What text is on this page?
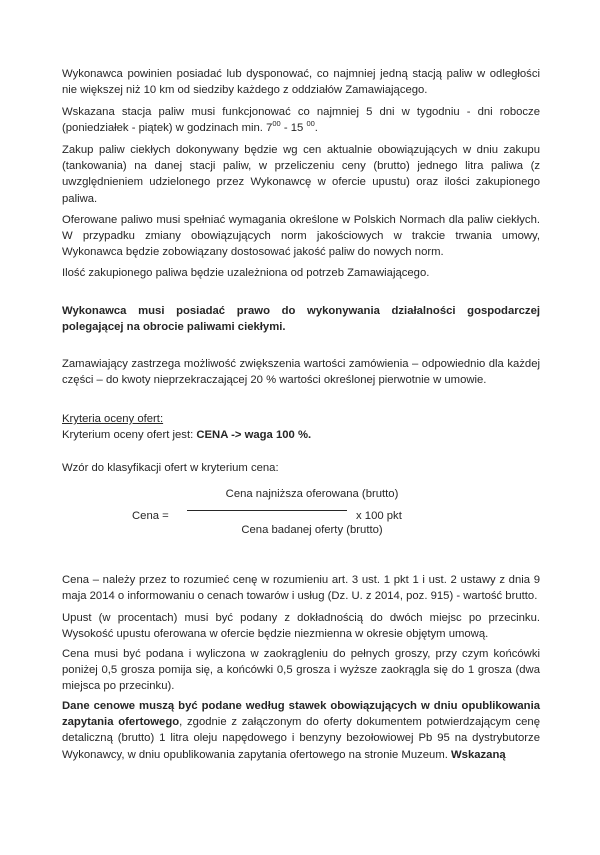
Wykonawca powinien posiadać lub dysponować, co najmniej jedną stacją paliw w odległości nie większej niż 10 km od siedziby każdego z oddziałów Zamawiającego.

Wskazana stacja paliw musi funkcjonować co najmniej 5 dni w tygodniu - dni robocze (poniedziałek - piątek) w godzinach min. $7^{00} - 15$ $^{00}$.

Zakup paliw ciekłych dokonywany będzie wg cen aktualnie obowiązujących w dniu zakupu (tankowania) na danej stacji paliw, w przeliczeniu ceny (brutto) jednego litra paliwa (z uwzględnieniem udzielonego przez Wykonawcę w ofercie upustu) oraz ilości zakupionego paliwa.

Oferowane paliwo musi spełniać wymagania określone w Polskich Normach dla paliw ciekłych. W przypadku zmiany obowiązujących norm jakościowych w trakcie trwania umowy, Wykonawca będzie zobowiązany dostosować jakość paliw do nowych norm.

Ilość zakupionego paliwa będzie uzależniona od potrzeb Zamawiającego.

Wykonawca musi posiadać prawo do wykonywania działalności gospodarczej polegającej na obrocie paliwami ciekłymi.

Zamawiający zastrzega możliwość zwiększenia wartości zamówienia – odpowiednio dla każdej części – do kwoty nieprzekraczającej 20 % wartości określonej pierwotnie w umowie.

Kryteria oceny ofert:

Kryterium oceny ofert jest: CENA -> waga 100 %.

Wzór do klasyfikacji ofert w kryterium cena:

Cena =
Cena najniższa oferowana (brutto)
x 100 pkt
Cena badanej oferty (brutto)

Cena – należy przez to rozumieć cenę w rozumieniu art. 3 ust. 1 pkt 1 i ust. 2 ustawy z dnia 9 maja 2014 o informowaniu o cenach towarów i usług (Dz. U. z 2014, poz. 915) - wartość brutto.

Upust (w procentach) musi być podany z dokładnością do dwóch miejsc po przecinku. Wysokość upustu oferowana w ofercie będzie niezmienna w okresie objętym umową.

Cena musi być podana i wyliczona w zaokrągleniu do pełnych groszy, przy czym końcówki poniżej 0,5 grosza pomija się, a końcówki 0,5 grosza i wyższe zaokrągla się do 1 grosza (dwa miejsca po przecinku).

Dane cenowe muszą być podane według stawek obowiązujących w dniu opublikowania zapytania ofertowego, zgodnie z załączonym do oferty dokumentem potwierdzającym cenę detaliczną (brutto) 1 litra oleju napędowego i benzyny bezołowiowej Pb 95 na dystrybutorze Wykonawcy, w dniu opublikowania zapytania ofertowego na stronie Muzeum. Wskazaną
